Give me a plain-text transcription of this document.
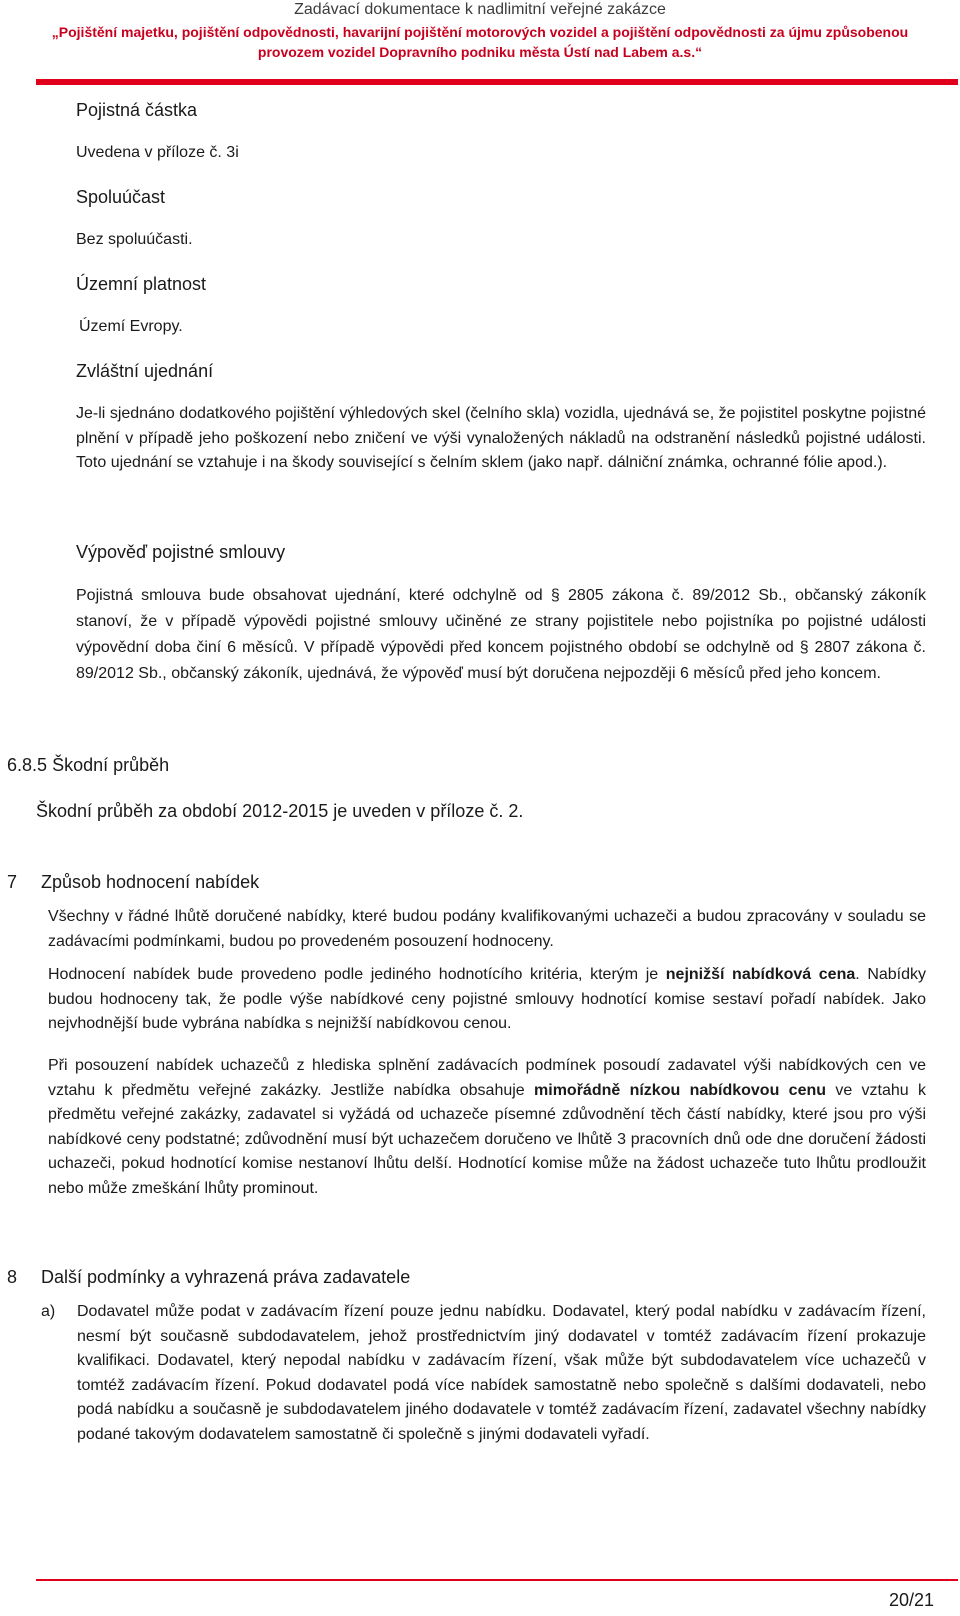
Zadávací dokumentace k nadlimitní veřejné zakázce
„Pojištění majetku, pojištění odpovědnosti, havarijní pojištění motorových vozidel a pojištění odpovědnosti za újmu způsobenou
provozem vozidel Dopravního podniku města Ústí nad Labem a.s.“
Pojistná částka
Uvedena v příloze č. 3i
Spoluúčast
Bez spoluúčasti.
Územní platnost
Území Evropy.
Zvláštní ujednání

Je-li sjednáno dodatkového pojištění výhledových skel (čelního skla) vozidla, ujednává se, že pojistitel poskytne pojistné plnění v případě jeho poškození nebo zničení ve výši vynaložených nákladů na odstranění následků pojistné události. Toto ujednání se vztahuje i na škody související s čelním sklem (jako např. dálniční známka, ochranné fólie apod.).

Výpověď pojistné smlouvy

Pojistná smlouva bude obsahovat ujednání, které odchylně od § 2805 zákona č. 89/2012 Sb., občanský zákoník stanoví, že v případě výpovědi pojistné smlouvy učiněné ze strany pojistitele nebo pojistníka po pojistné události výpovědní doba činí 6 měsíců. V případě výpovědi před koncem pojistného období se odchylně od § 2807 zákona č. 89/2012 Sb., občanský zákoník, ujednává, že výpověď musí být doručena nejpozději 6 měsíců před jeho koncem.

6.8.5 Škodní průběh
Škodní průběh za období 2012-2015 je uveden v příloze č. 2.
7 Způsob hodnocení nabídek

Všechny v řádné lhůtě doručené nabídky, které budou podány kvalifikovanými uchazeči a budou zpracovány v souladu se zadávacími podmínkami, budou po provedeném posouzení hodnoceny.

Hodnocení nabídek bude provedeno podle jediného hodnotícího kritéria, kterým je nejnižší nabídková cena. Nabídky budou hodnoceny tak, že podle výše nabídkové ceny pojistné smlouvy hodnotící komise sestaví pořadí nabídek. Jako nejvhodnější bude vybrána nabídka s nejnižší nabídkovou cenou.

Při posouzení nabídek uchazečů z hlediska splnění zadávacích podmínek posoudí zadavatel výši nabídkových cen ve vztahu k předmětu veřejné zakázky. Jestliže nabídka obsahuje mimořádně nízkou nabídkovou cenu ve vztahu k předmětu veřejné zakázky, zadavatel si vyžádá od uchazeče písemné zdůvodnění těch částí nabídky, které jsou pro výši nabídkové ceny podstatné; zdůvodnění musí být uchazečem doručeno ve lhůtě 3 pracovních dnů ode dne doručení žádosti uchazeči, pokud hodnotící komise nestanoví lhůtu delší. Hodnotící komise může na žádost uchazeče tuto lhůtu prodloužit nebo může zmeškání lhůty prominout.

8 Další podmínky a vyhrazená práva zadavatele
a) Dodavatel může podat v zadávacím řízení pouze jednu nabídku. Dodavatel, který podal nabídku v zadávacím řízení, nesmí být současně subdodavatelem, jehož prostřednictvím jiný dodavatel v tomtéž zadávacím řízení prokazuje kvalifikaci. Dodavatel, který nepodal nabídku v zadávacím řízení, však může být subdodavatelem více uchazečů v tomtéž zadávacím řízení. Pokud dodavatel podá více nabídek samostatně nebo společně s dalšími dodavateli, nebo podá nabídku a současně je subdodavatelem jiného dodavatele v tomtéž zadávacím řízení, zadavatel všechny nabídky podané takovým dodavatelem samostatně či společně s jinými dodavateli vyřadí.

20/21
